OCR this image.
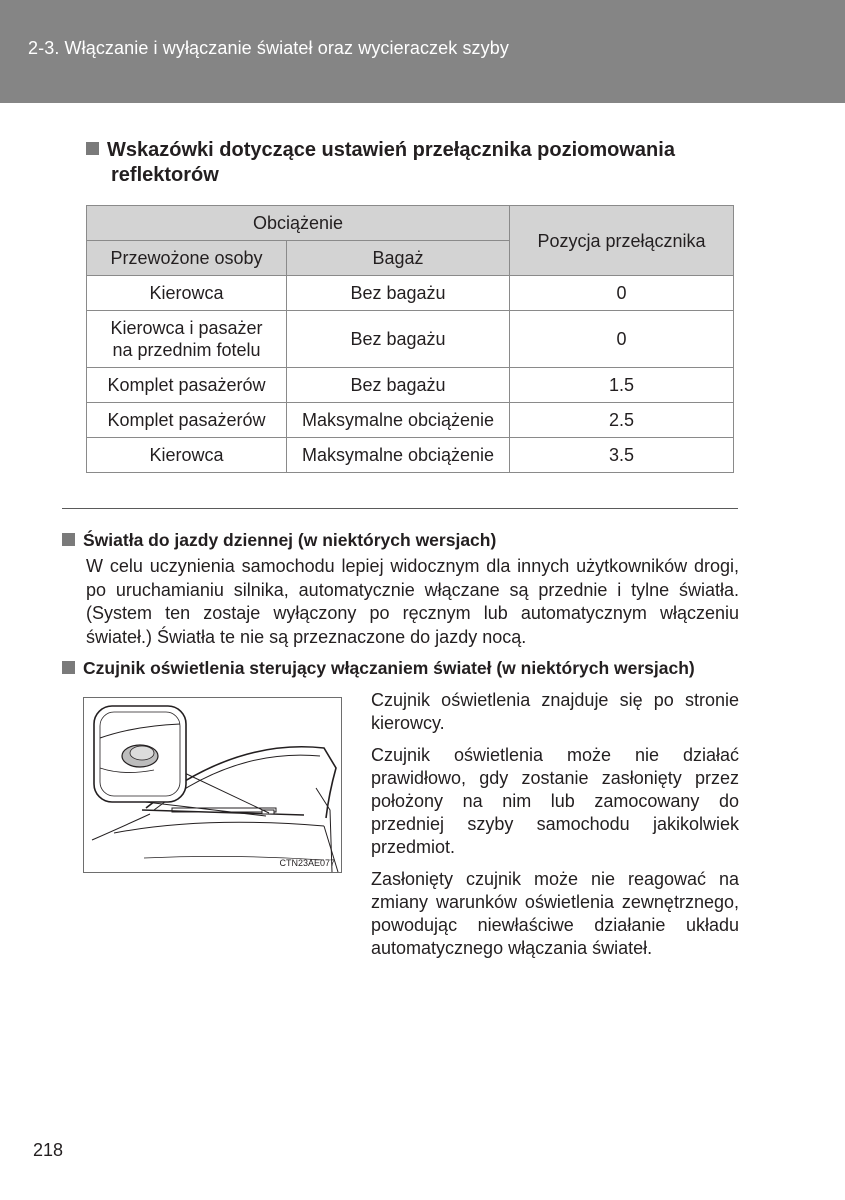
2-3. Włączanie i wyłączanie świateł oraz wycieraczek szyby
Wskazówki dotyczące ustawień przełącznika poziomowania
reflektorów
Obciążenie		Pozycja przełącznika
Przewożone osoby	Bagaż	
Kierowca	Bez bagażu	0
Kierowca i pasażer
na przednim fotelu	Bez bagażu	0
Komplet pasażerów	Bez bagażu	1.5
Komplet pasażerów	Maksymalne obciążenie	2.5
Kierowca	Maksymalne obciążenie	3.5
Światła do jazdy dziennej (w niektórych wersjach)
W celu uczynienia samochodu lepiej widocznym dla innych użytkowników drogi, po uruchamianiu silnika, automatycznie włączane są przednie i tylne światła. (System ten zostaje wyłączony po ręcznym lub automatycznym włączeniu świateł.) Światła te nie są przeznaczone do jazdy nocą.
Czujnik oświetlenia sterujący włączaniem świateł (w niektórych wersjach)
CTN23AE077

Czujnik oświetlenia znajduje się po stronie kierowcy.

Czujnik oświetlenia może nie działać prawidłowo, gdy zostanie zasłonięty przez położony na nim lub zamocowany do przedniej szyby samochodu jakikolwiek przedmiot.

Zasłonięty czujnik może nie reagować na zmiany warunków oświetlenia zewnętrznego, powodując niewłaściwe działanie układu automatycznego włączania świateł.

218
